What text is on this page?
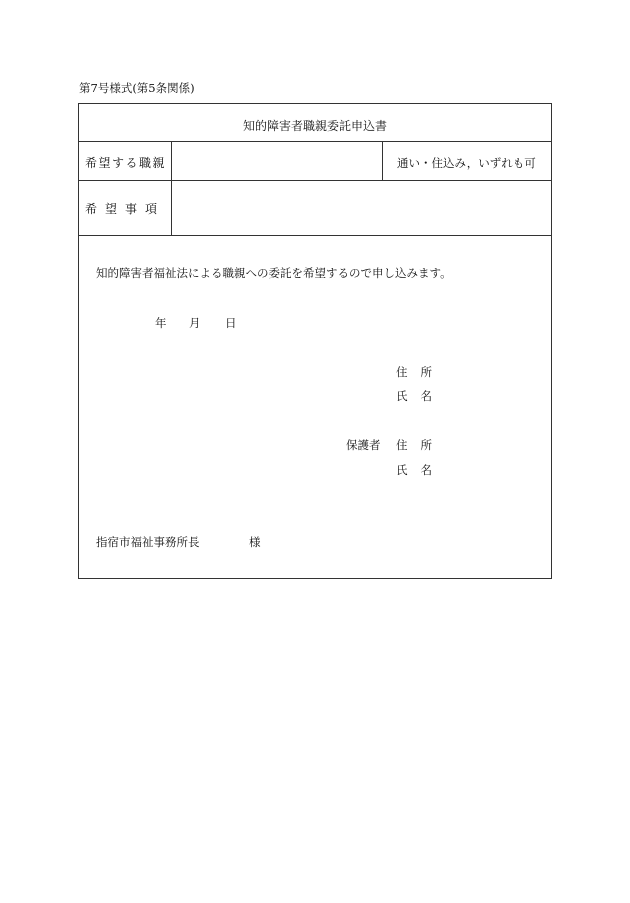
第7号様式(第5条関係)
知的障害者職親委託申込書
希望する職親	通い・住込み，いずれも可
希望事項
知的障害者福祉法による職親への委託を希望するので申し込みます。
年 月 日
住所
氏名
保護者 住所
氏名
指宿市福祉事務所長	様
